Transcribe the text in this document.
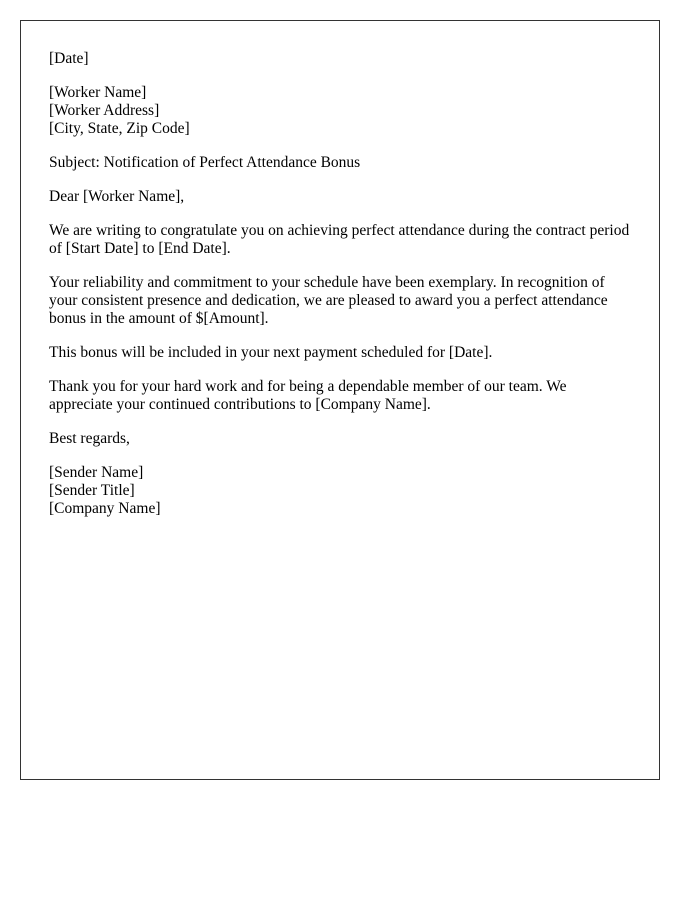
[Date]
[Worker Name]
[Worker Address]
[City, State, Zip Code]
Subject: Notification of Perfect Attendance Bonus
Dear [Worker Name],

We are writing to congratulate you on achieving perfect attendance during the contract period of [Start Date] to [End Date].

Your reliability and commitment to your schedule have been exemplary. In recognition of your consistent presence and dedication, we are pleased to award you a perfect attendance bonus in the amount of $[Amount].

This bonus will be included in your next payment scheduled for [Date].

Thank you for your hard work and for being a dependable member of our team. We appreciate your continued contributions to [Company Name].

Best regards,
[Sender Name]
[Sender Title]
[Company Name]
